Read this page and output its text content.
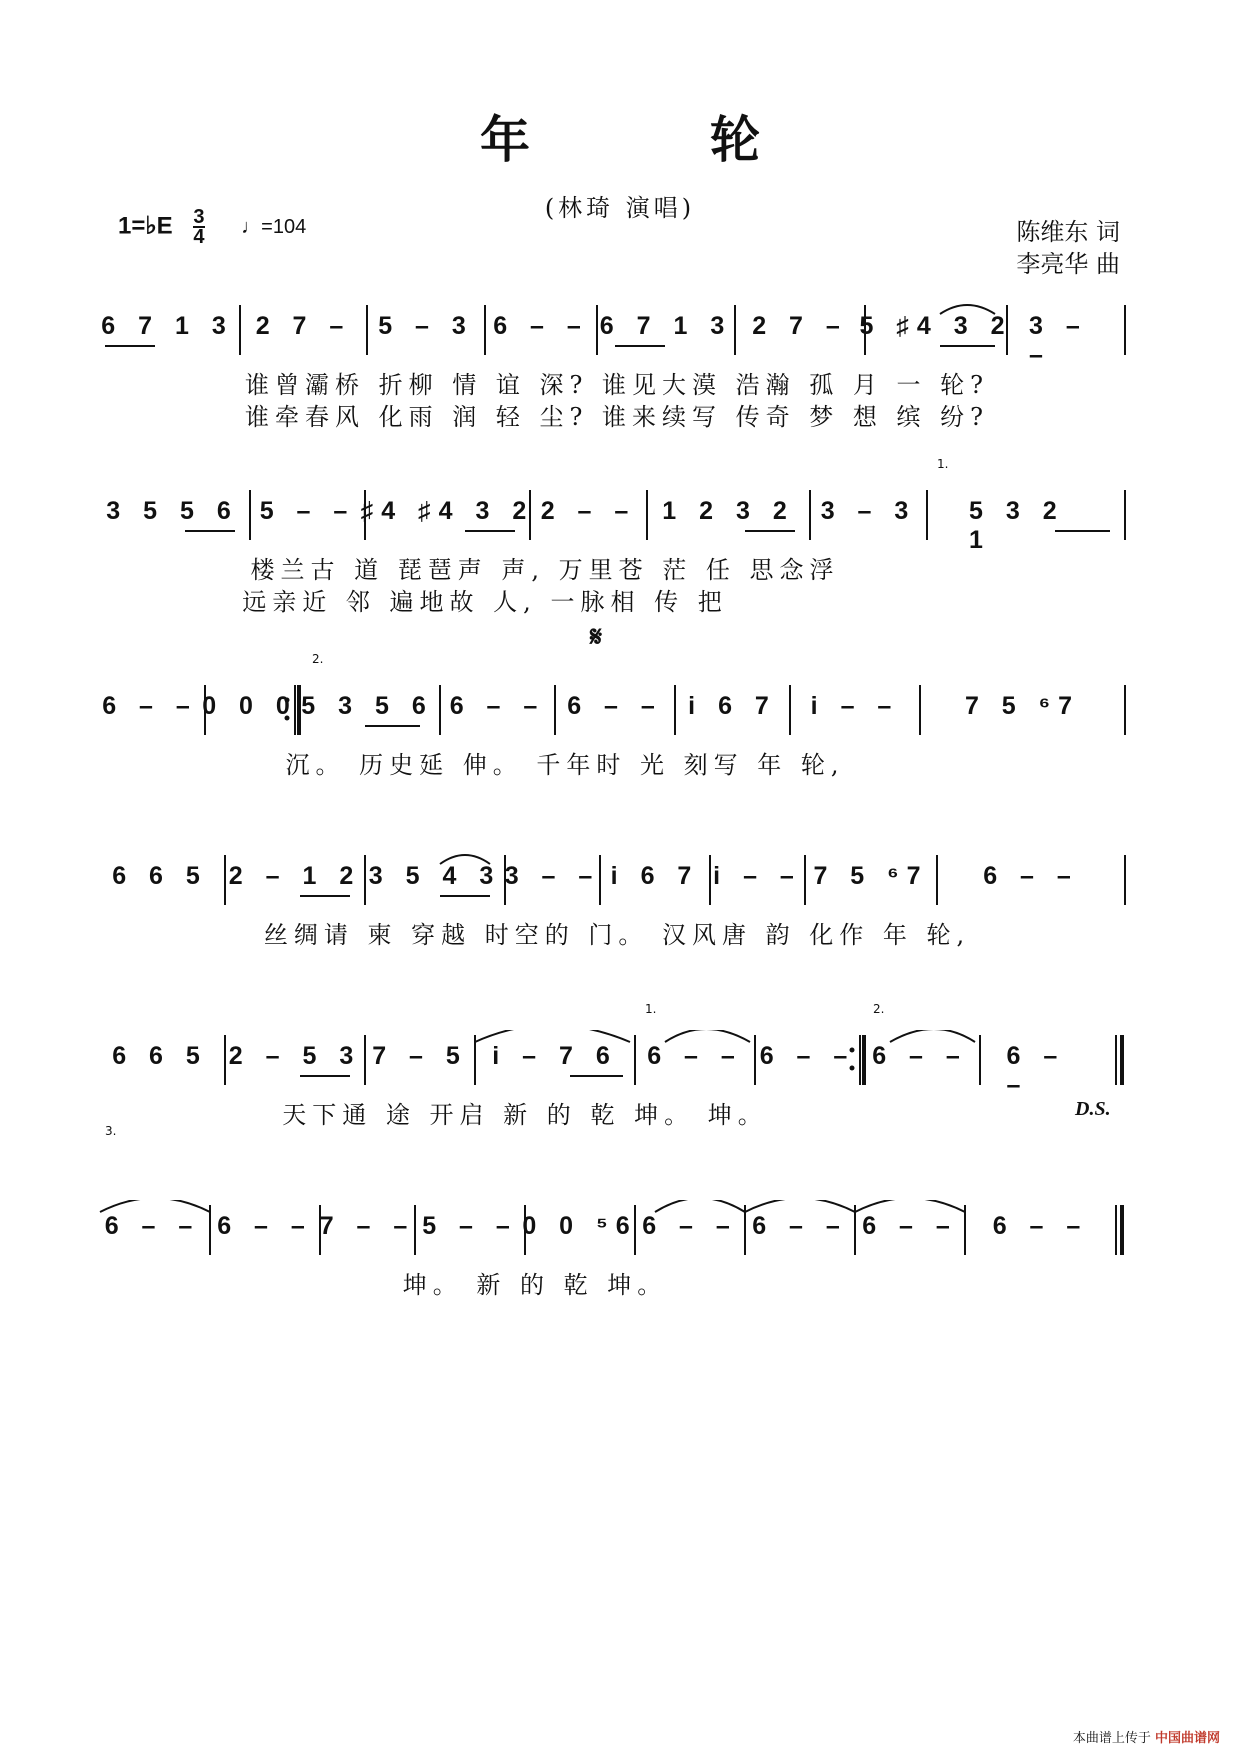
年	轮
(林琦 演唱)
1=♭E $\frac{3}{4}$ ♩=104	陈维东 词
李亮华 曲
谁曾灞桥 折柳 情 谊 深? 谁见大漠 浩瀚 孤 月 一 轮?
谁牵春风 化雨 润 轻 尘? 谁来续写 传奇 梦 想 缤 纷?
6 7 1 3 2 7 – 5 – 3 6 – – 6 7 1 3 2 7 – 5 ♯4 3 2 3 – –
1.
楼兰古 道 琵琶声 声, 万里苍 茫 任 思念浮
远亲近 邻 遍地故 人, 一脉相 传 把
3 5 5 6 5 – – ♯4 ♯4 3 2 2 – – 1 2 3 2 3 – 3 5 3 2 1
2.
𝄋
沉。 历史延 伸。 千年时 光 刻写 年 轮,
6 – – 0 0 0 5 3 5 6 6 – – 6 – – i 6 7 i – –	7 5 ⁶7
丝绸请 柬 穿越 时空的 门。 汉风唐 韵 化作 年 轮,
6 6 5 2 – 1 2 3 5 4 3 3 – – i 6 7 i – – 7 5 ⁶7 6 – –
1.	2.
D.S.
天下通 途 开启 新 的 乾 坤。 坤。
6 6 5 2 – 5 3 7 – 5 i – 7 6 6 – – 6 – – 6 – – 6 – –
3.
坤。 新 的 乾 坤。
6 – – 6 – – 7 – – 5 – – 0 0 ⁵6 6 – – 6 – – 6 – – 6 – –
本曲谱上传于 中国曲谱网
